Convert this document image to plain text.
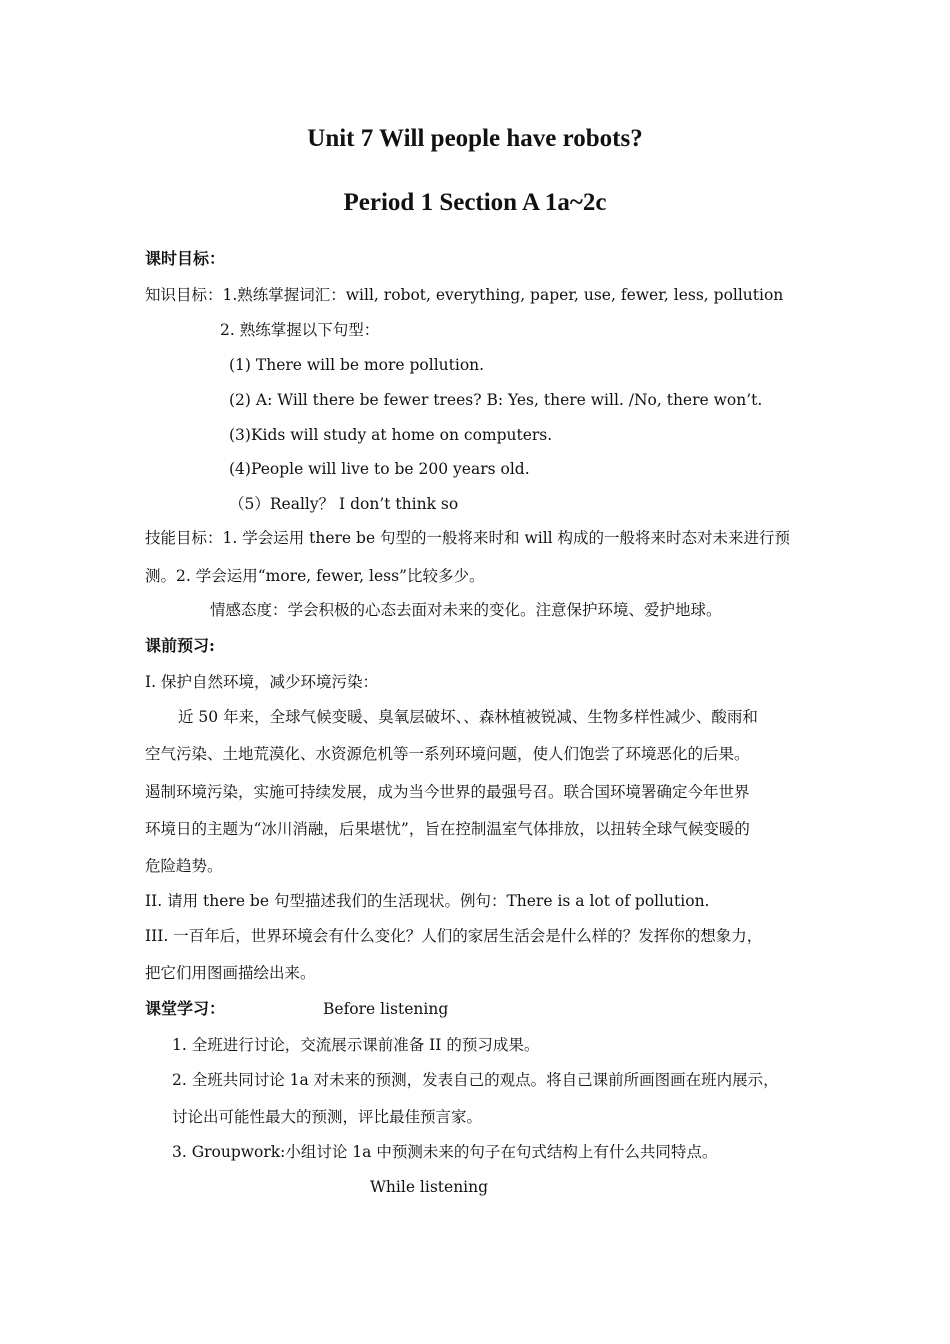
Unit 7 Will people have robots?
Period 1 Section A 1a~2c
课时目标：
知识目标：1.熟练掌握词汇：will, robot, everything, paper, use, fewer, less, pollution
2. 熟练掌握以下句型：
(1) There will be more pollution.
(2) A: Will there be fewer trees? B: Yes, there will. /No, there won’t.
(3)Kids will study at home on computers.
(4)People will live to be 200 years old.
（5）Really？ I don’t think so
技能目标：1. 学会运用 there be 句型的一般将来时和 will 构成的一般将来时态对未来进行预
测。2. 学会运用“more, fewer, less”比较多少。
情感态度：学会积极的心态去面对未来的变化。注意保护环境、爱护地球。
课前预习:
I. 保护自然环境，减少环境污染：
近 50 年来，全球气候变暖、臭氧层破坏、、森林植被锐减、生物多样性减少、酸雨和
空气污染、土地荒漠化、水资源危机等一系列环境问题，使人们饱尝了环境恶化的后果。
遏制环境污染，实施可持续发展，成为当今世界的最强号召。联合国环境署确定今年世界
环境日的主题为“冰川消融，后果堪忧”，旨在控制温室气体排放，以扭转全球气候变暖的
危险趋势。
II. 请用 there be 句型描述我们的生活现状。例句：There is a lot of pollution.
III. 一百年后，世界环境会有什么变化？人们的家居生活会是什么样的？发挥你的想象力，
把它们用图画描绘出来。
课堂学习：	Before listening
1. 全班进行讨论，交流展示课前准备 II 的预习成果。
2. 全班共同讨论 1a 对未来的预测，发表自己的观点。将自己课前所画图画在班内展示，
讨论出可能性最大的预测，评比最佳预言家。
3. Groupwork:小组讨论 1a 中预测未来的句子在句式结构上有什么共同特点。
While listening
